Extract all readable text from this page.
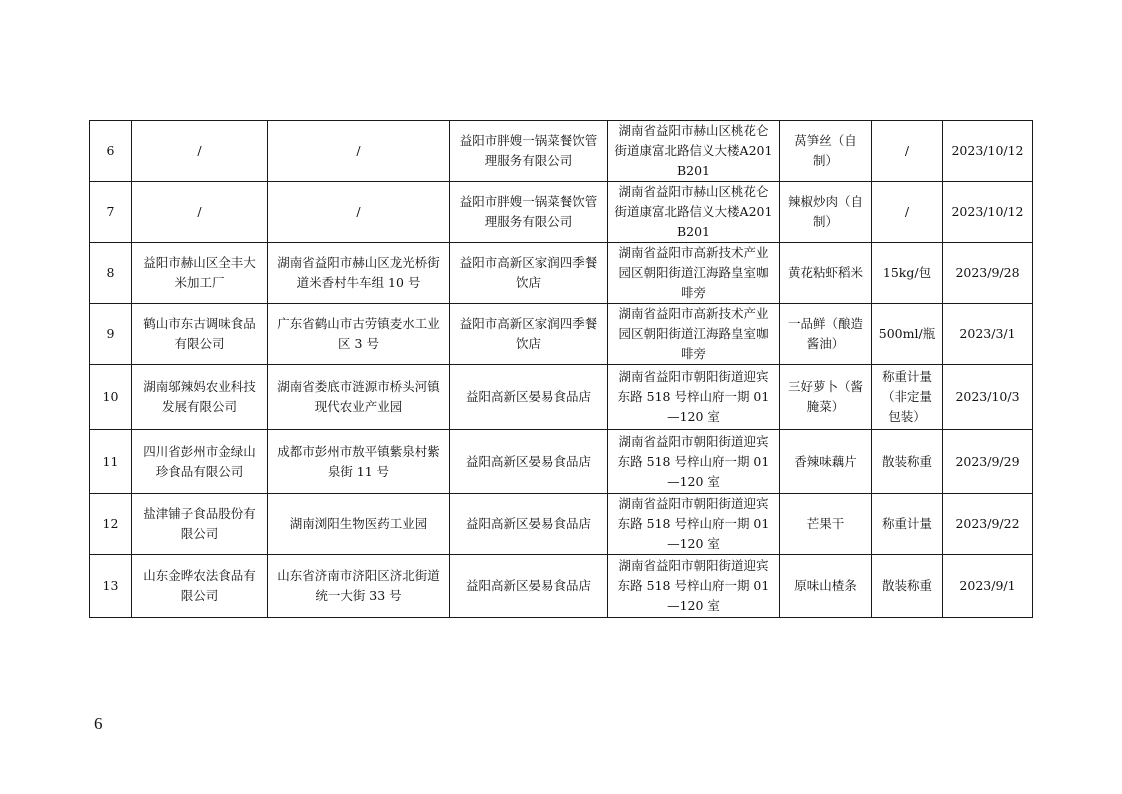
6	/	/	益阳市胖嫂一锅菜餐饮管理服务有限公司	湖南省益阳市赫山区桃花仑街道康富北路信义大楼A201B201	莴笋丝（自制）	/	2023/10/12
7	/	/	益阳市胖嫂一锅菜餐饮管理服务有限公司	湖南省益阳市赫山区桃花仑街道康富北路信义大楼A201B201	辣椒炒肉（自制）	/	2023/10/12
8	益阳市赫山区全丰大米加工厂	湖南省益阳市赫山区龙光桥街道米香村牛车组 10 号	益阳市高新区家润四季餐饮店	湖南省益阳市高新技术产业园区朝阳街道江海路皇室咖啡旁	黄花粘虾稻米	15kg/包	2023/9/28
9	鹤山市东古调味食品有限公司	广东省鹤山市古劳镇麦水工业区 3 号	益阳市高新区家润四季餐饮店	湖南省益阳市高新技术产业园区朝阳街道江海路皇室咖啡旁	一品鲜（酿造酱油）	500ml/瓶	2023/3/1
10	湖南邬辣妈农业科技发展有限公司	湖南省娄底市涟源市桥头河镇现代农业产业园	益阳高新区晏易食品店	湖南省益阳市朝阳街道迎宾东路 518 号梓山府一期 01—120 室	三好萝卜（酱腌菜）	称重计量（非定量包装）	2023/10/3
11	四川省彭州市金绿山珍食品有限公司	成都市彭州市敖平镇紫泉村紫泉街 11 号	益阳高新区晏易食品店	湖南省益阳市朝阳街道迎宾东路 518 号梓山府一期 01—120 室	香辣味藕片	散装称重	2023/9/29
12	盐津铺子食品股份有限公司	湖南浏阳生物医药工业园	益阳高新区晏易食品店	湖南省益阳市朝阳街道迎宾东路 518 号梓山府一期 01—120 室	芒果干	称重计量	2023/9/22
13	山东金晔农法食品有限公司	山东省济南市济阳区济北街道统一大街 33 号	益阳高新区晏易食品店	湖南省益阳市朝阳街道迎宾东路 518 号梓山府一期 01—120 室	原味山楂条	散装称重	2023/9/1
6
